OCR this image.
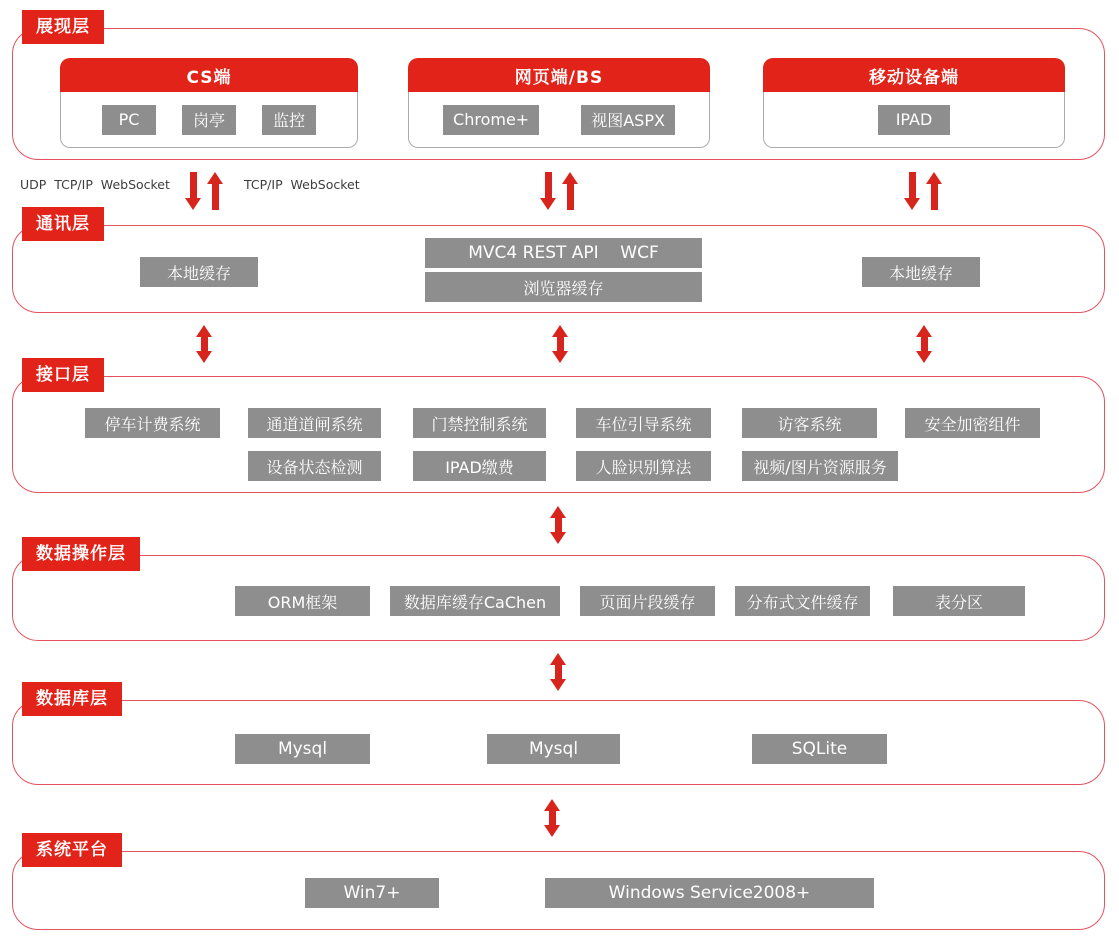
展现层
CS端
PC	岗亭	监控
网页端/BS
Chrome+	视图ASPX
移动设备端
IPAD
UDP  TCP/IP  WebSocket	TCP/IP  WebSocket
通讯层
本地缓存
MVC4 REST API    WCF
浏览器缓存
本地缓存
接口层
停车计费系统	通道道闸系统	门禁控制系统	车位引导系统	访客系统	安全加密组件
设备状态检测	IPAD缴费	人脸识别算法	视频/图片资源服务
数据操作层
ORM框架	数据库缓存CaChen	页面片段缓存	分布式文件缓存	表分区
数据库层
Mysql	Mysql	SQLite
系统平台
Win7+	Windows Service2008+
